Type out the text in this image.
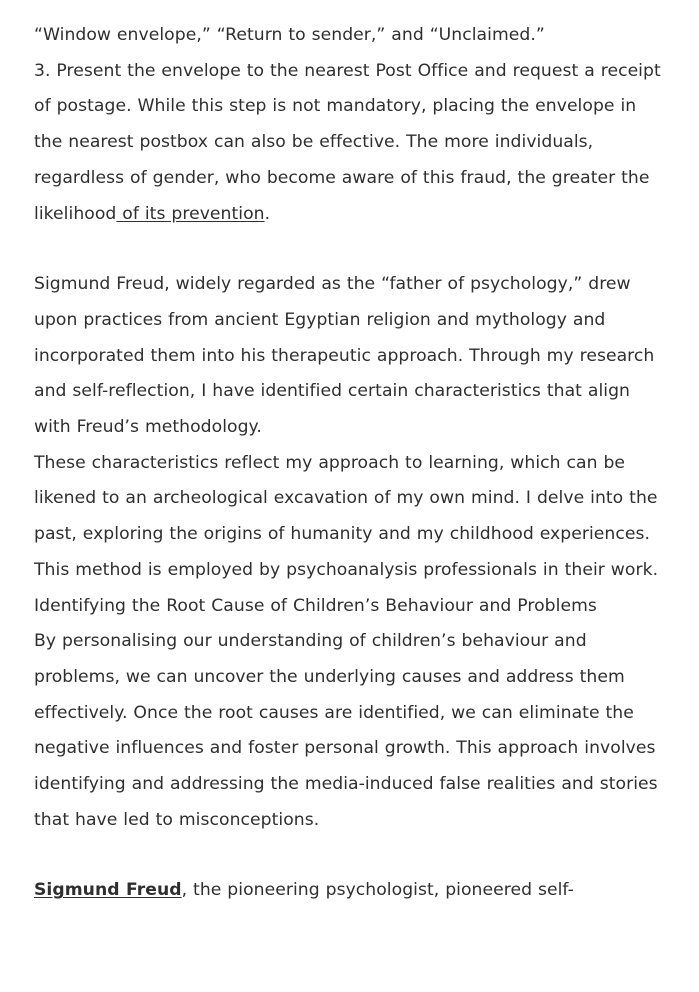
“Window envelope,” “Return to sender,” and “Unclaimed.”
3. Present the envelope to the nearest Post Office and request a receipt of postage. While this step is not mandatory, placing the envelope in the nearest postbox can also be effective. The more individuals, regardless of gender, who become aware of this fraud, the greater the likelihood of its prevention.

Sigmund Freud, widely regarded as the “father of psychology,” drew upon practices from ancient Egyptian religion and mythology and incorporated them into his therapeutic approach. Through my research and self-reflection, I have identified certain characteristics that align with Freud’s methodology.
These characteristics reflect my approach to learning, which can be likened to an archeological excavation of my own mind. I delve into the past, exploring the origins of humanity and my childhood experiences. This method is employed by psychoanalysis professionals in their work.
Identifying the Root Cause of Children’s Behaviour and Problems
By personalising our understanding of children’s behaviour and problems, we can uncover the underlying causes and address them effectively. Once the root causes are identified, we can eliminate the negative influences and foster personal growth. This approach involves identifying and addressing the media-induced false realities and stories that have led to misconceptions.

Sigmund Freud, the pioneering psychologist, pioneered self-
